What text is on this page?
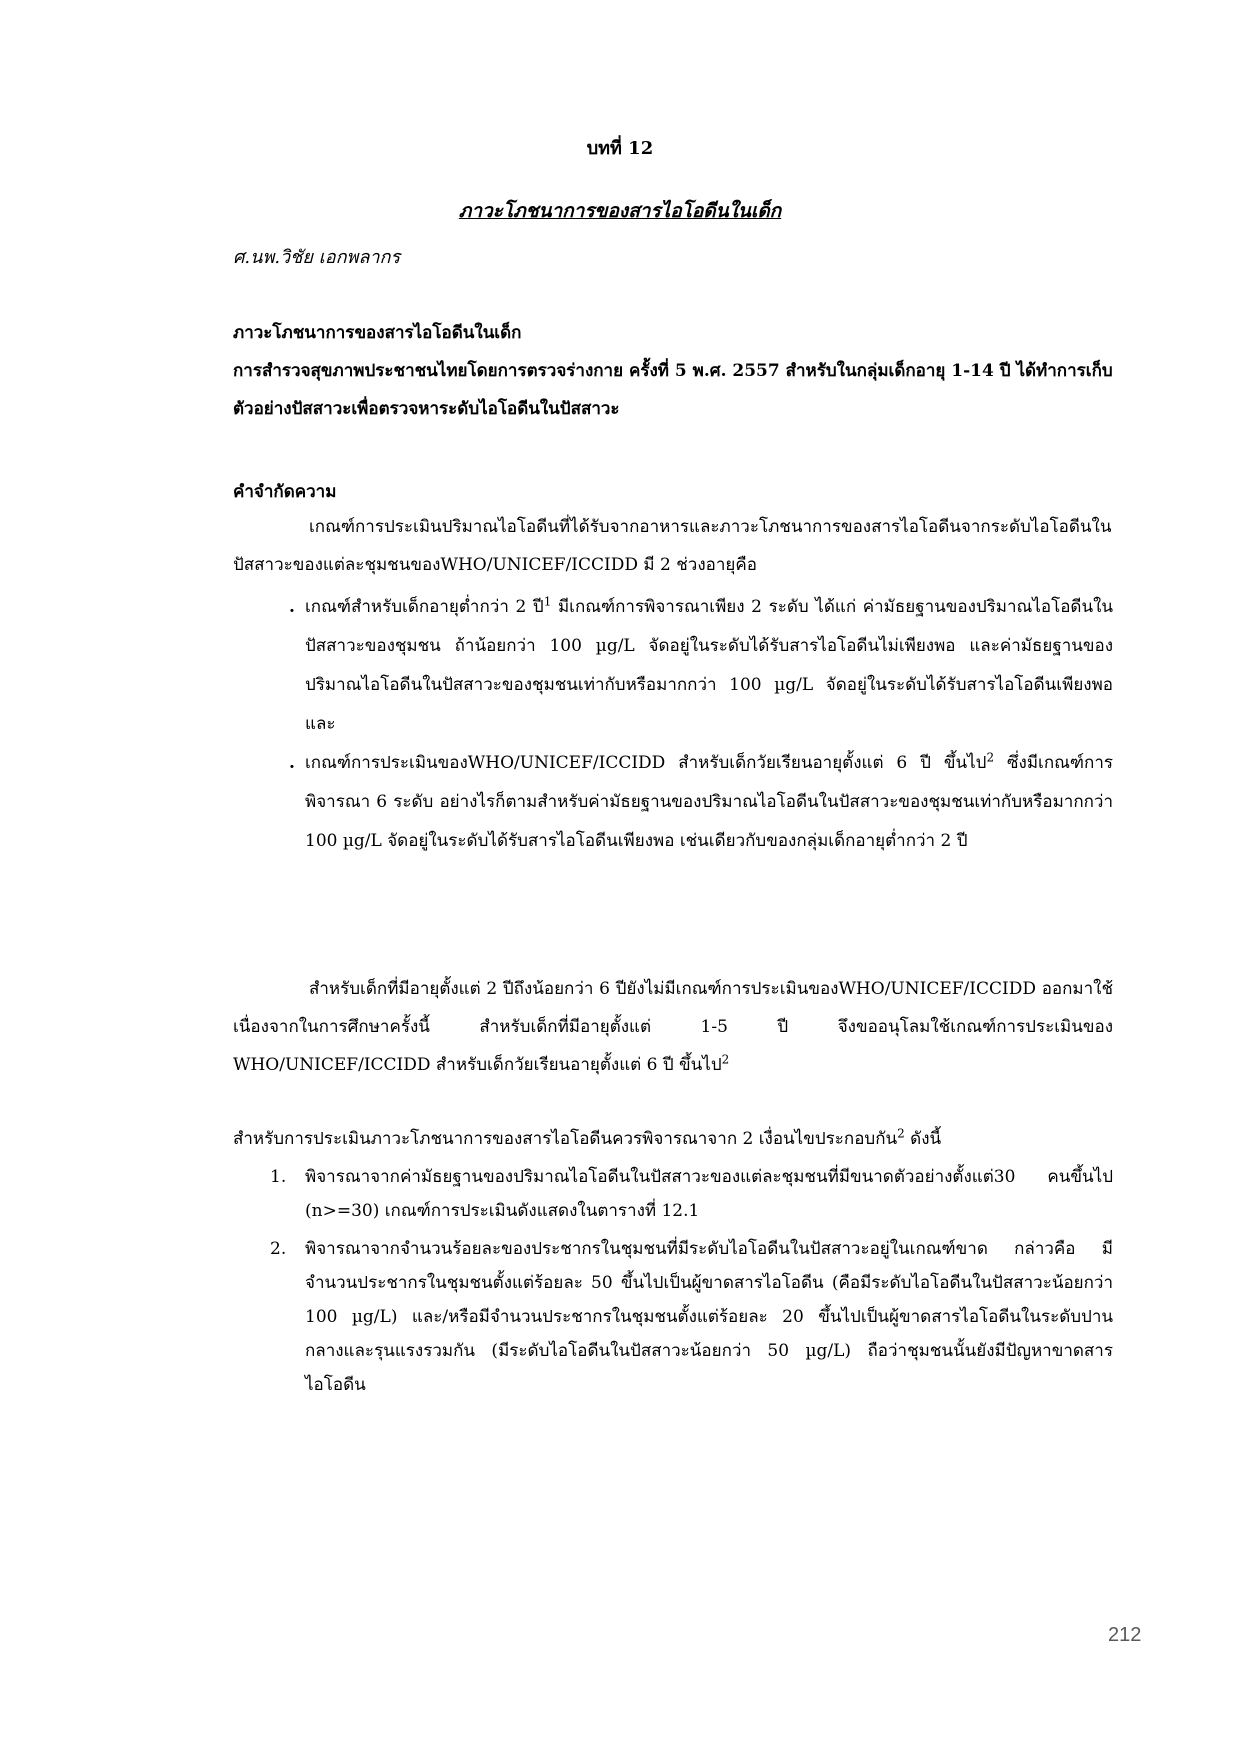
บทที่ 12
ภาวะโภชนาการของสารไอโอดีนในเด็ก
ศ.นพ.วิชัย เอกพลากร
ภาวะโภชนาการของสารไอโอดีนในเด็ก
การสำรวจสุขภาพประชาชนไทยโดยการตรวจร่างกาย ครั้งที่ 5 พ.ศ. 2557 สำหรับในกลุ่มเด็กอายุ 1-14 ปี ได้ทำการเก็บตัวอย่างปัสสาวะเพื่อตรวจหาระดับไอโอดีนในปัสสาวะ
คำจำกัดความ
เกณฑ์การประเมินปริมาณไอโอดีนที่ได้รับจากอาหารและภาวะโภชนาการของสารไอโอดีนจากระดับไอโอดีนในปัสสาวะของแต่ละชุมชนของWHO/UNICEF/ICCIDD มี 2 ช่วงอายุคือ
. เกณฑ์สำหรับเด็กอายุต่ำกว่า 2 ปี$^1$ มีเกณฑ์การพิจารณาเพียง 2 ระดับ ได้แก่ ค่ามัธยฐานของปริมาณไอโอดีนในปัสสาวะของชุมชน ถ้าน้อยกว่า 100 µg/L จัดอยู่ในระดับได้รับสารไอโอดีนไม่เพียงพอ และค่ามัธยฐานของปริมาณไอโอดีนในปัสสาวะของชุมชนเท่ากับหรือมากกว่า 100 µg/L จัดอยู่ในระดับได้รับสารไอโอดีนเพียงพอ และ
. เกณฑ์การประเมินของWHO/UNICEF/ICCIDD สำหรับเด็กวัยเรียนอายุตั้งแต่ 6 ปี ขึ้นไป$^2$ ซึ่งมีเกณฑ์การพิจารณา 6 ระดับ อย่างไรก็ตามสำหรับค่ามัธยฐานของปริมาณไอโอดีนในปัสสาวะของชุมชนเท่ากับหรือมากกว่า 100 µg/L จัดอยู่ในระดับได้รับสารไอโอดีนเพียงพอ เช่นเดียวกับของกลุ่มเด็กอายุต่ำกว่า 2 ปี
สำหรับเด็กที่มีอายุตั้งแต่ 2 ปีถึงน้อยกว่า 6 ปียังไม่มีเกณฑ์การประเมินของWHO/UNICEF/ICCIDD ออกมาใช้ เนื่องจากในการศึกษาครั้งนี้ สำหรับเด็กที่มีอายุตั้งแต่ 1-5 ปี จึงขออนุโลมใช้เกณฑ์การประเมินของ WHO/UNICEF/ICCIDD สำหรับเด็กวัยเรียนอายุตั้งแต่ 6 ปี ขึ้นไป$^2$
สำหรับการประเมินภาวะโภชนาการของสารไอโอดีนควรพิจารณาจาก 2 เงื่อนไขประกอบกัน$^2$ ดังนี้
1. พิจารณาจากค่ามัธยฐานของปริมาณไอโอดีนในปัสสาวะของแต่ละชุมชนที่มีขนาดตัวอย่างตั้งแต่30 คนขึ้นไป (n>=30) เกณฑ์การประเมินดังแสดงในตารางที่ 12.1
2. พิจารณาจากจำนวนร้อยละของประชากรในชุมชนที่มีระดับไอโอดีนในปัสสาวะอยู่ในเกณฑ์ขาด กล่าวคือ มีจำนวนประชากรในชุมชนตั้งแต่ร้อยละ 50 ขึ้นไปเป็นผู้ขาดสารไอโอดีน (คือมีระดับไอโอดีนในปัสสาวะน้อยกว่า 100 µg/L) และ/หรือมีจำนวนประชากรในชุมชนตั้งแต่ร้อยละ 20 ขึ้นไปเป็นผู้ขาดสารไอโอดีนในระดับปานกลางและรุนแรงรวมกัน (มีระดับไอโอดีนในปัสสาวะน้อยกว่า 50 µg/L) ถือว่าชุมชนนั้นยังมีปัญหาขาดสารไอโอดีน
212
